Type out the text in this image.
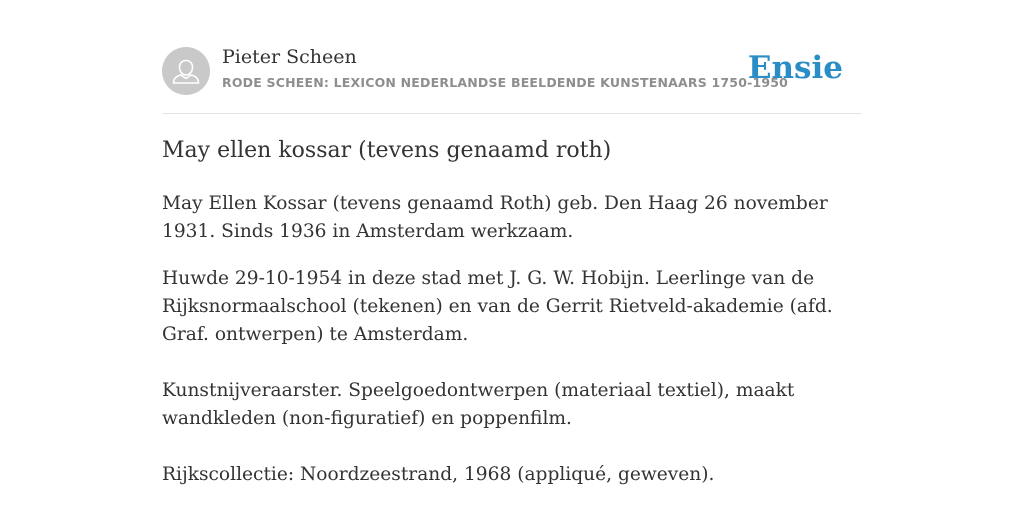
Pieter Scheen
RODE SCHEEN: LEXICON NEDERLANDSE BEELDENDE KUNSTENAARS 1750-1950
Ensie
May ellen kossar (tevens genaamd roth)

May Ellen Kossar (tevens genaamd Roth) geb. Den Haag 26 november 1931. Sinds 1936 in Amsterdam werkzaam.

Huwde 29-10-1954 in deze stad met J. G. W. Hobijn. Leerlinge van de Rijksnormaalschool (tekenen) en van de Gerrit Rietveld-akademie (afd. Graf. ontwerpen) te Amsterdam.

Kunstnijveraarster. Speelgoedontwerpen (materiaal textiel), maakt wandkleden (non-figuratief) en poppenfilm.

Rijkscollectie: Noordzeestrand, 1968 (appliqué, geweven).
